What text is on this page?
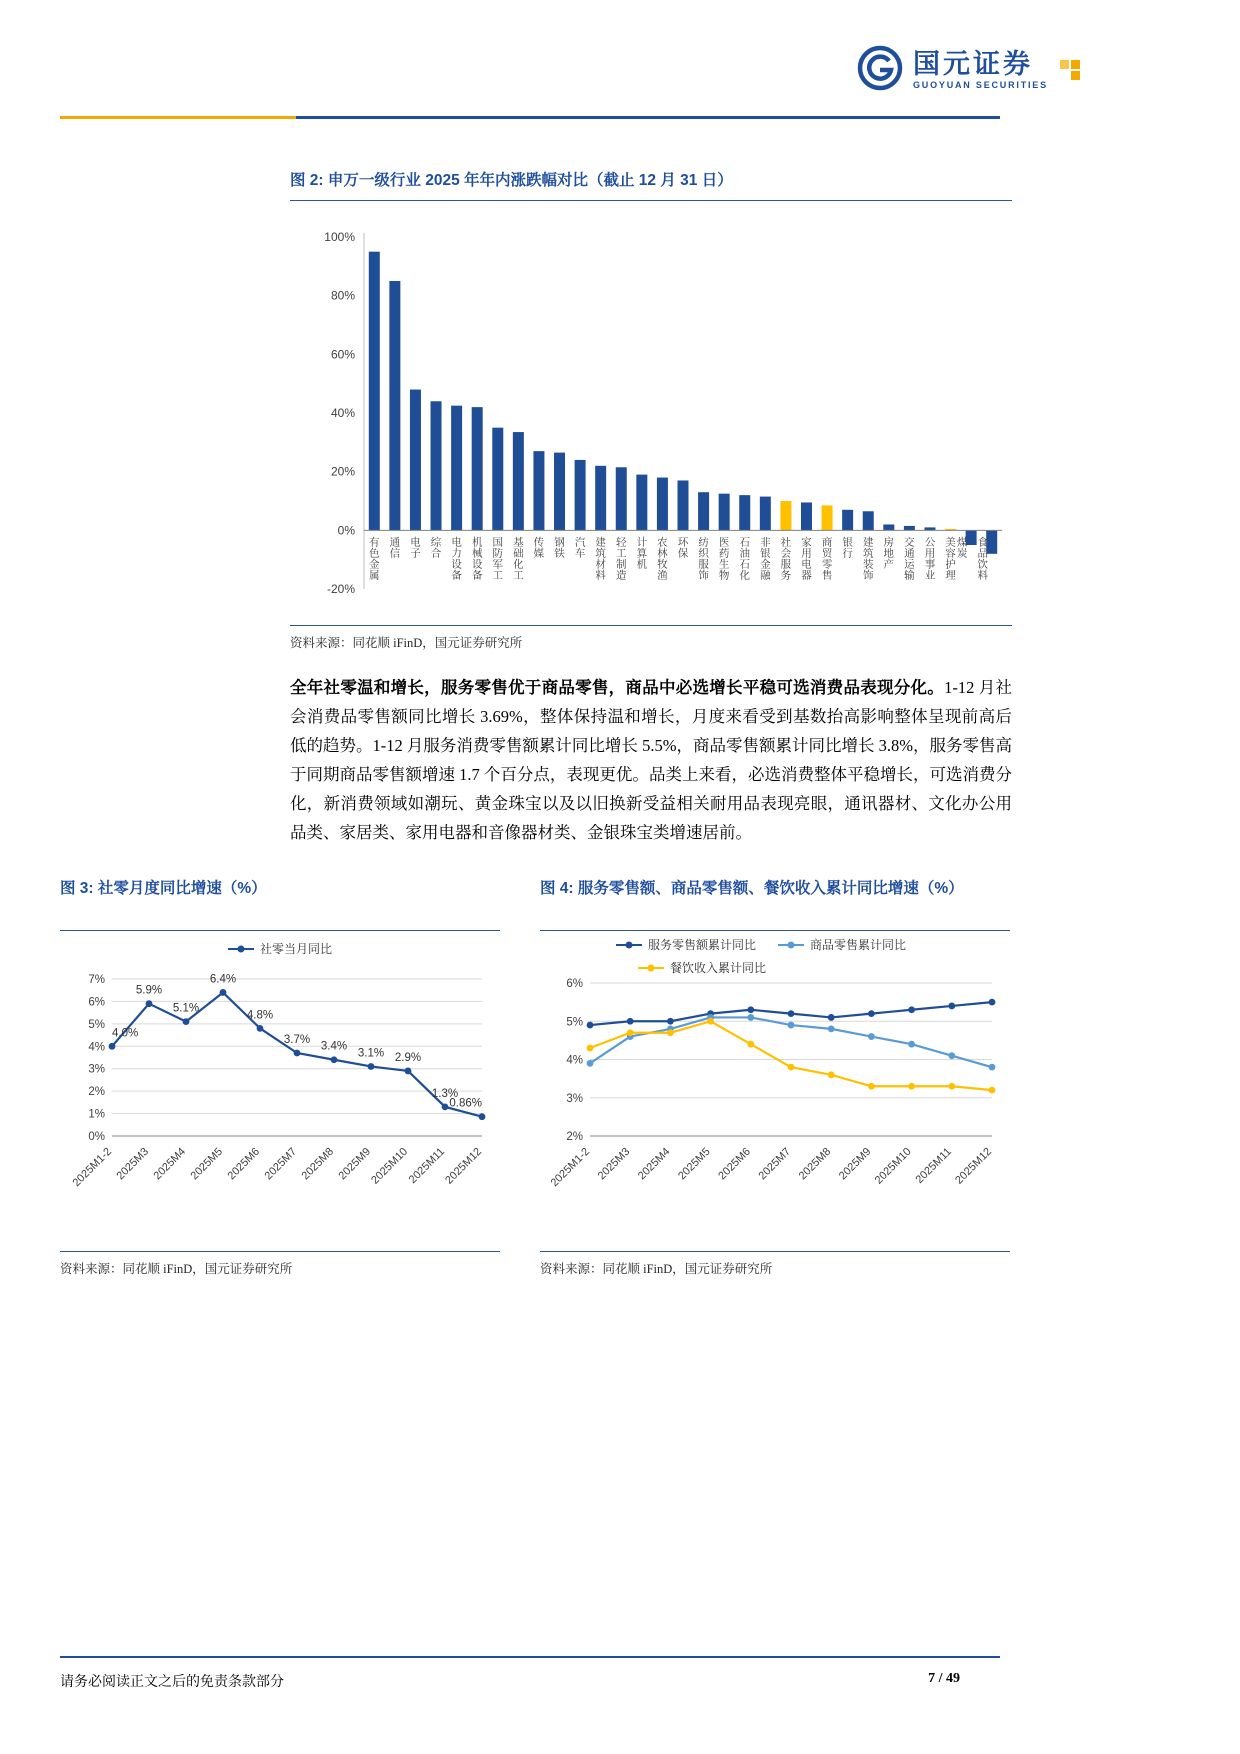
国元证券
GUOYUAN SECURITIES
图 2: 申万一级行业 2025 年年内涨跌幅对比（截止 12 月 31 日）
100%
80%
60%
40%
20%
0%
-20%
有色金属
通信
电子
综合
电力设备
机械设备
国防军工
基础化工
传媒
钢铁
汽车
建筑材料
轻工制造
计算机
农林牧渔
环保
纺织服饰
医药生物
石油石化
非银金融
社会服务
家用电器
商贸零售
银行
建筑装饰
房地产
交通运输
公用事业
美容护理
煤炭
食品饮料
资料来源：同花顺 iFinD，国元证券研究所

全年社零温和增长，服务零售优于商品零售，商品中必选增长平稳可选消费品表现分化。1-12 月社会消费品零售额同比增长 3.69%，整体保持温和增长，月度来看受到基数抬高影响整体呈现前高后低的趋势。1-12 月服务消费零售额累计同比增长 5.5%，商品零售额累计同比增长 3.8%，服务零售高于同期商品零售额增速 1.7 个百分点，表现更优。品类上来看，必选消费整体平稳增长，可选消费分化，新消费领域如潮玩、黄金珠宝以及以旧换新受益相关耐用品表现亮眼，通讯器材、文化办公用品类、家居类、家用电器和音像器材类、金银珠宝类增速居前。

图 3: 社零月度同比增速（%）
0%
1%
2%
3%
4%
5%
6%
7%
2025M1-2 2025M3 2025M4 2025M5 2025M6 2025M7 2025M8 2025M9
2025M10
2025M11
2025M12
4.0%
5.9%
5.1%
6.4%
4.8%
3.7%
3.4%
3.1% 2.9%
1.3%
0.86%
社零当月同比
资料来源：同花顺 iFinD，国元证券研究所
图 4: 服务零售额、商品零售额、餐饮收入累计同比增速（%）
2%
3%
4%
5%
6%
2025M1-2 2025M3 2025M4 2025M5 2025M6 2025M7 2025M8 2025M9 2025M10 2025M11 2025M12
服务零售额累计同比	商品零售累计同比
餐饮收入累计同比
资料来源：同花顺 iFinD，国元证券研究所
请务必阅读正文之后的免责条款部分	7 / 49
